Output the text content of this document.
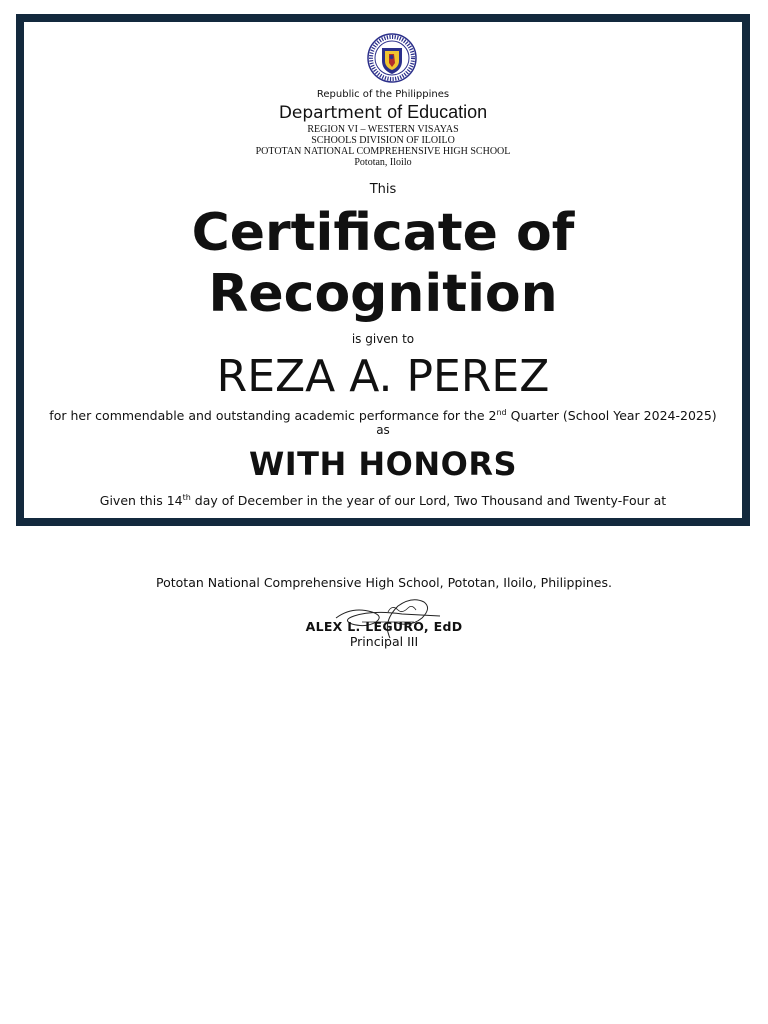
Republic of the Philippines
Department of Education
REGION VI – WESTERN VISAYAS
SCHOOLS DIVISION OF ILOILO
POTOTAN NATIONAL COMPREHENSIVE HIGH SCHOOL
Pototan, Iloilo
This
Certificate of
Recognition
is given to
REZA A. PEREZ
for her commendable and outstanding academic performance for the 2nd Quarter (School Year 2024-2025)
as
WITH HONORS
Given this 14th day of December in the year of our Lord, Two Thousand and Twenty-Four at
Pototan National Comprehensive High School, Pototan, Iloilo, Philippines.
ALEX L. LEGURO, EdD
Principal III
